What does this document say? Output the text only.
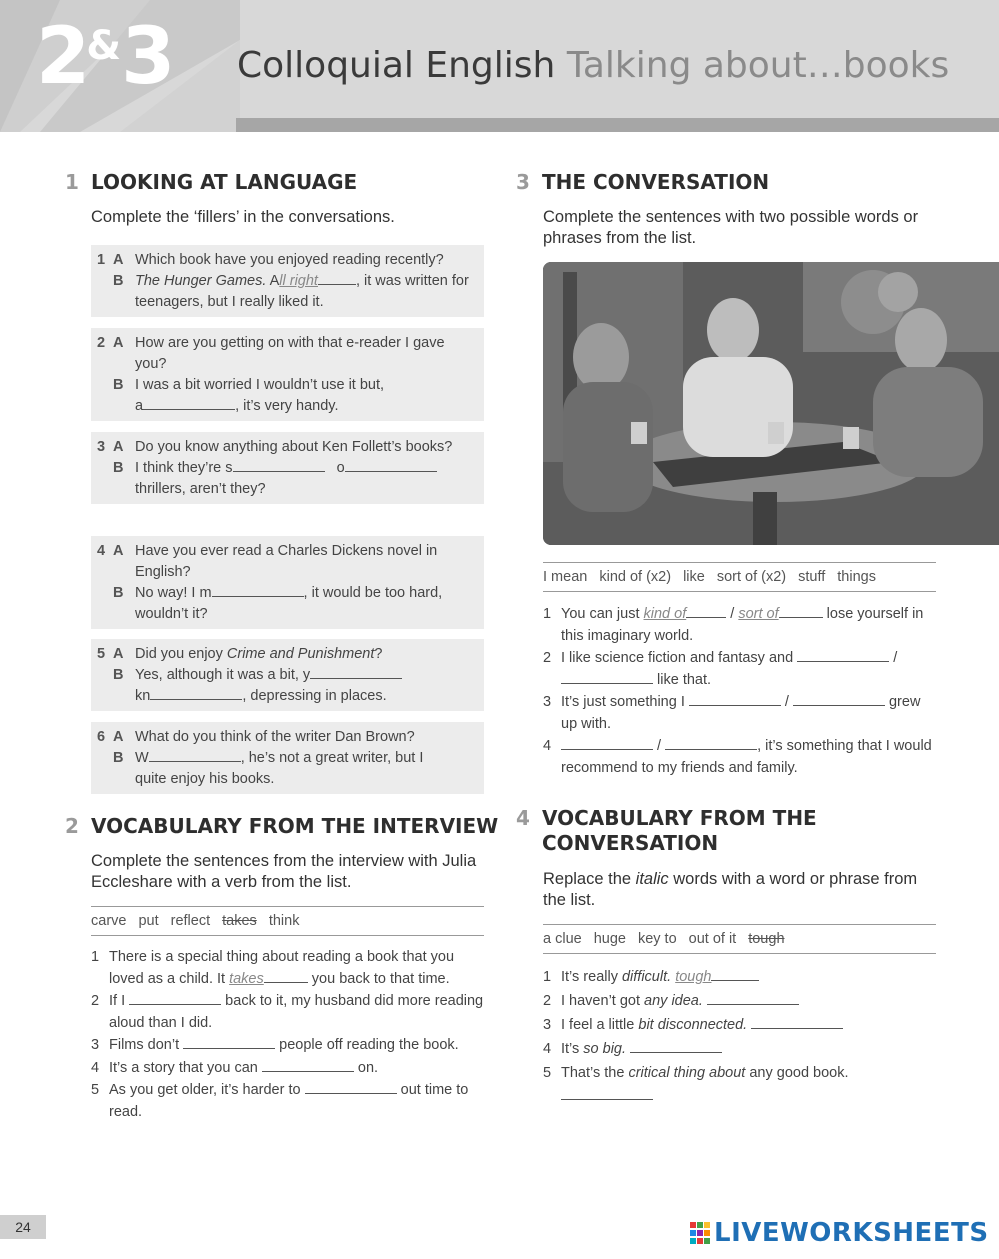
2&3 Colloquial English Talking about…books
1 LOOKING AT LANGUAGE
Complete the ‘fillers’ in the conversations.
1 A Which book have you enjoyed reading recently?
B The Hunger Games. All right	, it was written for teenagers, but I really liked it.
2 A How are you getting on with that e-reader I gave you?
B I was a bit worried I wouldn’t use it but,
a	, it’s very handy.
3 A Do you know anything about Ken Follett’s books?
B I think they’re s	o
thrillers, aren’t they?
4 A Have you ever read a Charles Dickens novel in English?
B No way! I m	, it would be too hard,
wouldn’t it?
5 A Did you enjoy Crime and Punishment?
B Yes, although it was a bit, y
kn	, depressing in places.
6 A What do you think of the writer Dan Brown?
B W	, he’s not a great writer, but I
quite enjoy his books.
2 VOCABULARY FROM THE INTERVIEW
Complete the sentences from the interview with Julia Eccleshare with a verb from the list.
carve put reflect takes think
1 There is a special thing about reading a book that you loved as a child. It takes	you back to that time.
2 If I	back to it, my husband did more reading aloud than I did.
3 Films don’t	people off reading the book.
4 It’s a story that you can	on.
5 As you get older, it’s harder to	out time to read.
3 THE CONVERSATION
Complete the sentences with two possible words or phrases from the list.
I mean kind of (x2) like sort of (x2) stuff things
1 You can just kind of	/ sort of	lose yourself in this imaginary world.
2 I like science fiction and fantasy and	/
like that.
3 It’s just something I	/	grew up with.
4	/	, it’s something that I would recommend to my friends and family.
4 VOCABULARY FROM THE CONVERSATION
Replace the italic words with a word or phrase from the list.
a clue huge key to out of it tough
1 It’s really difficult. tough
2 I haven’t got any idea.
3 I feel a little bit disconnected.
4 It’s so big.
5 That’s the critical thing about any good book.

24	LIVEWORKSHEETS
